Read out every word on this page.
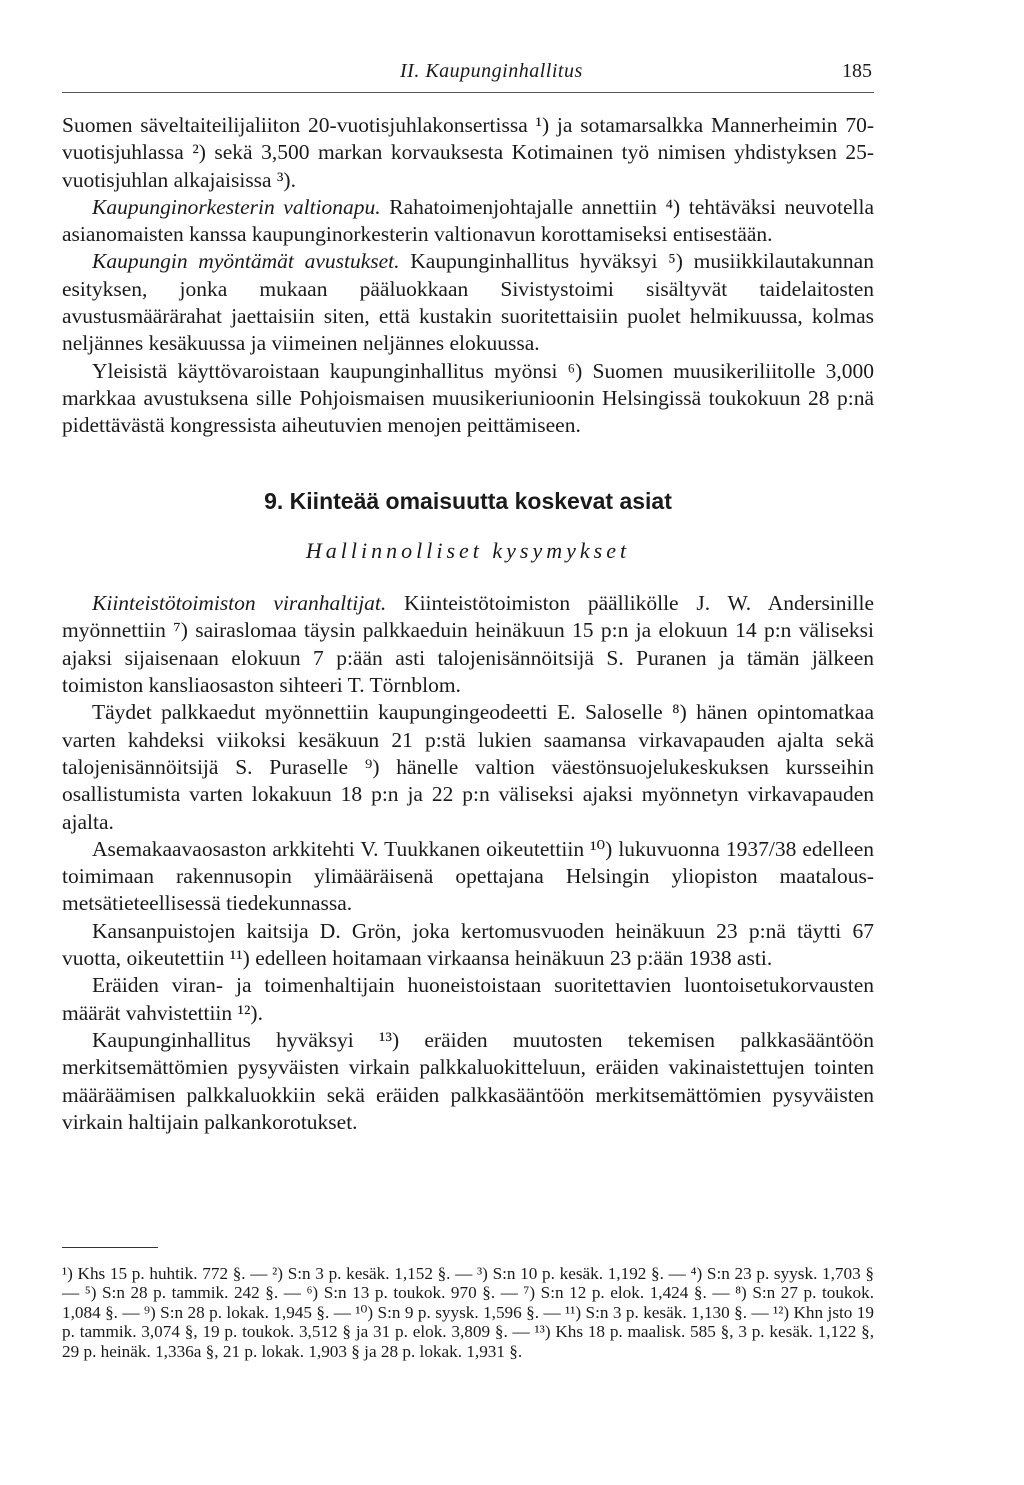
II. Kaupunginhallitus	185

Suomen säveltaiteilijaliiton 20-vuotisjuhlakonsertissa ¹) ja sotamarsalkka Mannerheimin 70-vuotisjuhlassa ²) sekä 3,500 markan korvauksesta Kotimainen työ nimisen yhdistyksen 25-vuotisjuhlan alkajaisissa ³).

Kaupunginorkesterin valtionapu. Rahatoimenjohtajalle annettiin ⁴) tehtäväksi neuvotella asianomaisten kanssa kaupunginorkesterin valtionavun korottamiseksi entisestään.

Kaupungin myöntämät avustukset. Kaupunginhallitus hyväksyi ⁵) musiikkilautakunnan esityksen, jonka mukaan pääluokkaan Sivistystoimi sisältyvät taidelaitosten avustusmäärärahat jaettaisiin siten, että kustakin suoritettaisiin puolet helmikuussa, kolmas neljännes kesäkuussa ja viimeinen neljännes elokuussa.

Yleisistä käyttövaroistaan kaupunginhallitus myönsi ⁶) Suomen muusikeriliitolle 3,000 markkaa avustuksena sille Pohjoismaisen muusikeriunioonin Helsingissä toukokuun 28 p:nä pidettävästä kongressista aiheutuvien menojen peittämiseen.

9. Kiinteää omaisuutta koskevat asiat
Hallinnolliset kysymykset

Kiinteistötoimiston viranhaltijat. Kiinteistötoimiston päällikölle J. W. Andersinille myönnettiin ⁷) sairaslomaa täysin palkkaeduin heinäkuun 15 p:n ja elokuun 14 p:n väliseksi ajaksi sijaisenaan elokuun 7 p:ään asti talojenisännöitsijä S. Puranen ja tämän jälkeen toimiston kansliaosaston sihteeri T. Törnblom.

Täydet palkkaedut myönnettiin kaupungingeodeetti E. Saloselle ⁸) hänen opintomatkaa varten kahdeksi viikoksi kesäkuun 21 p:stä lukien saamansa virkavapauden ajalta sekä talojenisännöitsijä S. Puraselle ⁹) hänelle valtion väestönsuojelukeskuksen kursseihin osallistumista varten lokakuun 18 p:n ja 22 p:n väliseksi ajaksi myönnetyn virkavapauden ajalta.

Asemakaavaosaston arkkitehti V. Tuukkanen oikeutettiin ¹⁰) lukuvuonna 1937/38 edelleen toimimaan rakennusopin ylimääräisenä opettajana Helsingin yliopiston maatalous-metsätieteellisessä tiedekunnassa.

Kansanpuistojen kaitsija D. Grön, joka kertomusvuoden heinäkuun 23 p:nä täytti 67 vuotta, oikeutettiin ¹¹) edelleen hoitamaan virkaansa heinäkuun 23 p:ään 1938 asti.

Eräiden viran- ja toimenhaltijain huoneistoistaan suoritettavien luontoisetukorvausten määrät vahvistettiin ¹²).

Kaupunginhallitus hyväksyi ¹³) eräiden muutosten tekemisen palkkasääntöön merkitsemättömien pysyväisten virkain palkkaluokitteluun, eräiden vakinaistettujen tointen määräämisen palkkaluokkiin sekä eräiden palkkasääntöön merkitsemättömien pysyväisten virkain haltijain palkankorotukset.

¹) Khs 15 p. huhtik. 772 §. — ²) S:n 3 p. kesäk. 1,152 §. — ³) S:n 10 p. kesäk. 1,192 §. — ⁴) S:n 23 p. syysk. 1,703 § — ⁵) S:n 28 p. tammik. 242 §. — ⁶) S:n 13 p. toukok. 970 §. — ⁷) S:n 12 p. elok. 1,424 §. — ⁸) S:n 27 p. toukok. 1,084 §. — ⁹) S:n 28 p. lokak. 1,945 §. — ¹⁰) S:n 9 p. syysk. 1,596 §. — ¹¹) S:n 3 p. kesäk. 1,130 §. — ¹²) Khn jsto 19 p. tammik. 3,074 §, 19 p. toukok. 3,512 § ja 31 p. elok. 3,809 §. — ¹³) Khs 18 p. maalisk. 585 §, 3 p. kesäk. 1,122 §, 29 p. heinäk. 1,336a §, 21 p. lokak. 1,903 § ja 28 p. lokak. 1,931 §.
